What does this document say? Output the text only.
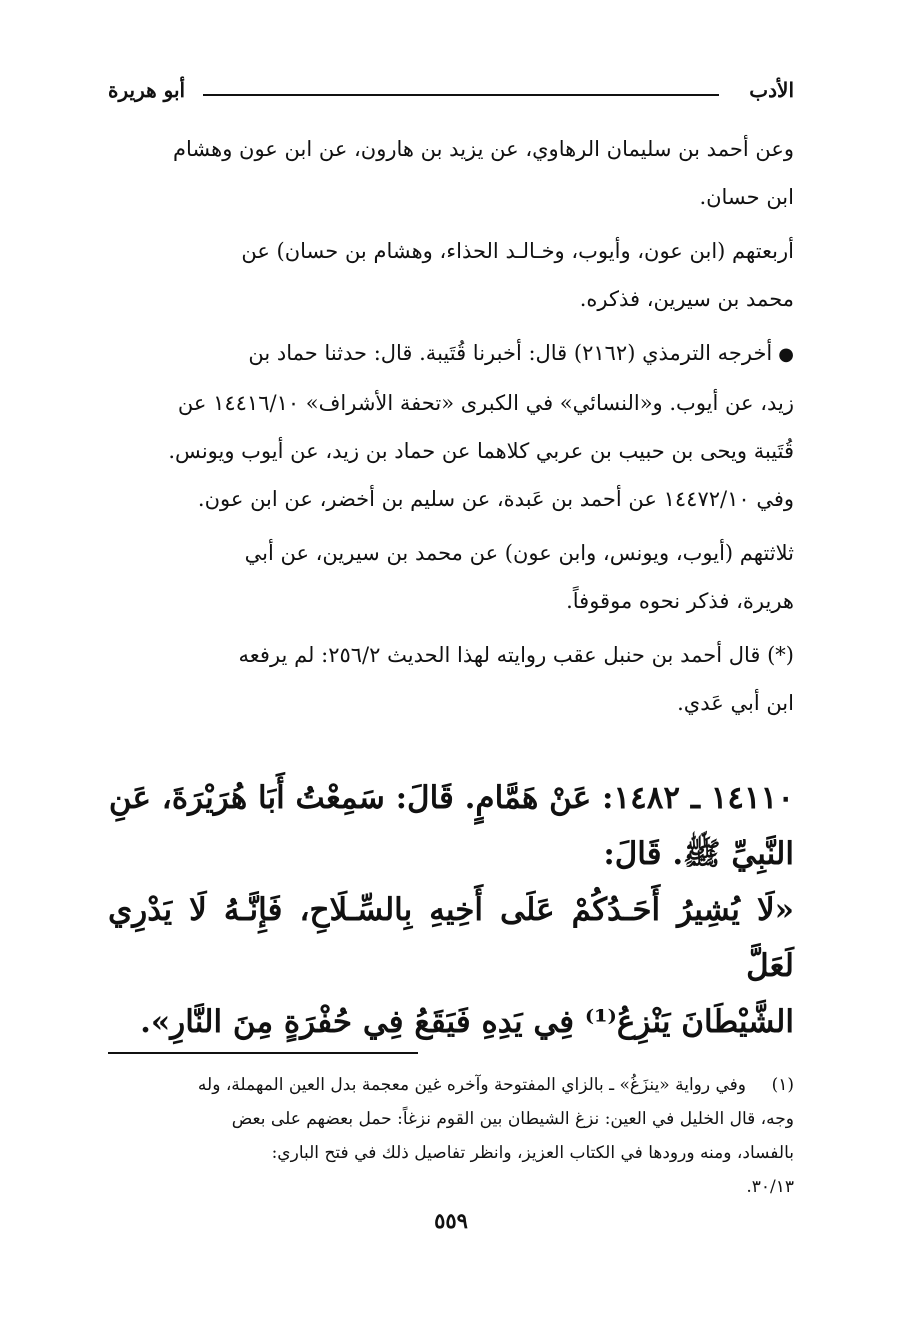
الأدب
أبو هريرة

وعن أحمد بن سليمان الرهاوي، عن يزيد بن هارون، عن ابن عون وهشام
ابن حسان.

أربعتهم (ابن عون، وأيوب، وخـالـد الحذاء، وهشام بن حسان) عن
محمد بن سيرين، فذكره.

●أخرجه الترمذي (٢١٦٢) قال: أخبرنا قُتَيبة. قال: حدثنا حماد بن
زيد، عن أيوب. و«النسائي» في الكبرى «تحفة الأشراف» ١٤٤١٦/١٠ عن
قُتَيبة ويحى بن حبيب بن عربي كلاهما عن حماد بن زيد، عن أيوب ويونس.
وفي ١٤٤٧٢/١٠ عن أحمد بن عَبدة، عن سليم بن أخضر، عن ابن عون.

ثلاثتهم (أيوب، ويونس، وابن عون) عن محمد بن سيرين، عن أبي
هريرة، فذكر نحوه موقوفاً.

(*) قال أحمد بن حنبل عقب روايته لهذا الحديث ٢٥٦/٢: لم يرفعه
ابن أبي عَدي.

١٤١١٠ ـ ١٤٨٢: عَنْ هَمَّامٍ. قَالَ: سَمِعْتُ أَبَا هُرَيْرَةَ، عَنِ

النَّبِيِّ ﷺ. قَالَ:

«لَا يُشِيرُ أَحَـدُكُمْ عَلَى أَخِيهِ بِالسِّـلَاحِ، فَإِنَّـهُ لَا يَدْرِي لَعَلَّ

الشَّيْطَانَ يَنْزِعُ⁽¹⁾ فِي يَدِهِ فَيَقَعُ فِي حُفْرَةٍ مِنَ النَّارِ».

(١)وفي رواية «ينزَغُ» ـ بالزاي المفتوحة وآخره غين معجمة بدل العين المهملة، وله

وجه، قال الخليل في العين: نزغ الشيطان بين القوم نزغاً: حمل بعضهم على بعض

بالفساد، ومنه ورودها في الكتاب العزيز، وانظر تفاصيل ذلك في فتح الباري:

٣٠/١٣.

٥٥٩
